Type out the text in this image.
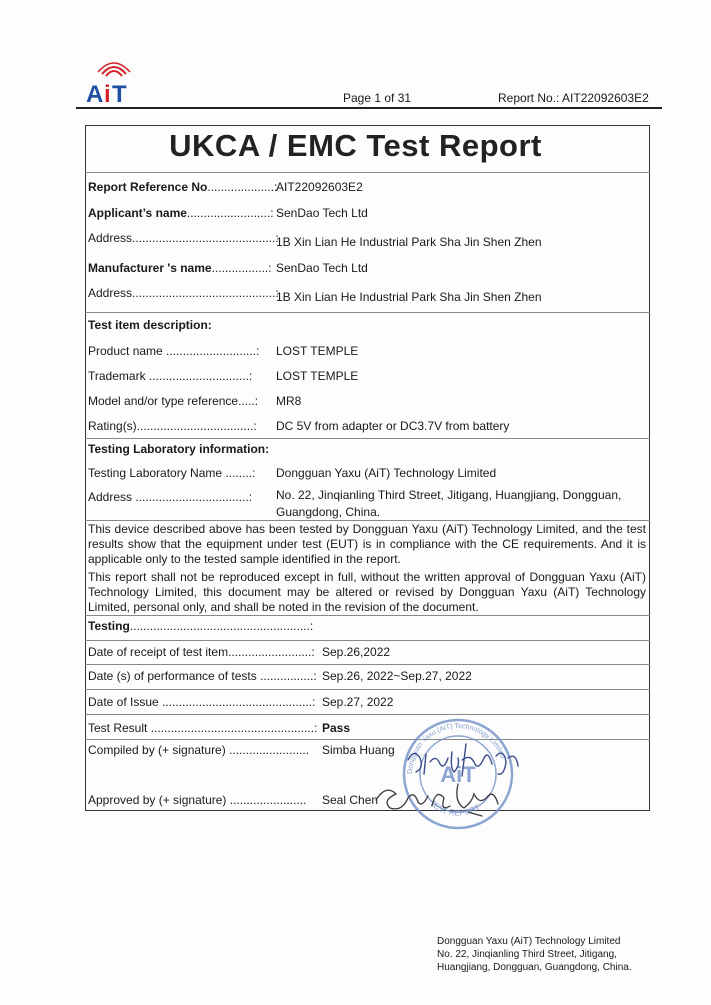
A i T	Page 1 of 31	Report No.: AIT22092603E2
UKCA / EMC Test Report
Report Reference No....................:
AIT22092603E2
Applicant’s name.........................: SenDao Tech Ltd
Address...........................................:
1B Xin Lian He Industrial Park Sha Jin Shen Zhen
Manufacturer 's name.................: SenDao Tech Ltd
Address...........................................:
1B Xin Lian He Industrial Park Sha Jin Shen Zhen
Test item description:
Product name ...........................: LOST TEMPLE
Trademark ..............................: LOST TEMPLE
Model and/or type reference.....: MR8
Rating(s)...................................: DC 5V from adapter or DC3.7V from battery
Testing Laboratory information:
Testing Laboratory Name ........: Dongguan Yaxu (AiT) Technology Limited
Address ..................................: No. 22, Jinqianling Third Street, Jitigang, Huangjiang, Dongguan,
Guangdong, China.
This device described above has been tested by Dongguan Yaxu (AiT) Technology Limited, and the test results show that the equipment under test (EUT) is in compliance with the CE requirements. And it is applicable only to the tested sample identified in the report.
This report shall not be reproduced except in full, without the written approval of Dongguan Yaxu (AiT) Technology Limited, this document may be altered or revised by Dongguan Yaxu (AiT) Technology Limited, personal only, and shall be noted in the revision of the document.
Testing......................................................:
Date of receipt of test item.........................: Sep.26,2022
Date (s) of performance of tests ................: Sep.26, 2022~Sep.27, 2022
Date of Issue .............................................: Sep.27, 2022
Test Result .................................................: Pass
Compiled by (+ signature) ........................ Simba Huang
Approved by (+ signature) ....................... Seal Chen
Dongguan Yaxu (AiT) Technology Limited
AiT
TEST REPORT
Dongguan Yaxu (AiT) Technology Limited
No. 22, Jinqianling Third Street, Jitigang,
Huangjiang, Dongguan, Guangdong, China.
